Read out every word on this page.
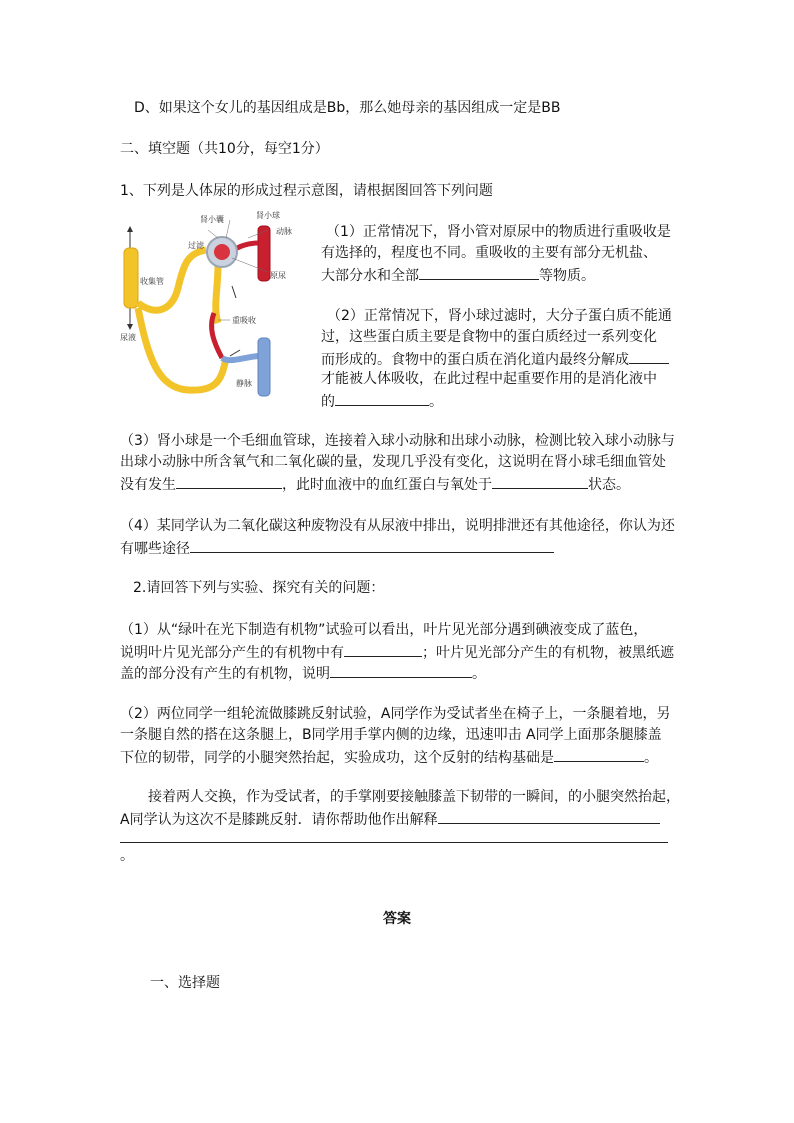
D、如果这个女儿的基因组成是Bb，那么她母亲的基因组成一定是BB
二、填空题（共10分，每空1分）
1、下列是人体尿的形成过程示意图，请根据图回答下列问题
肾小球
肾小囊
动脉
过滤
收集管
原尿
重吸收
尿液
静脉
（1）正常情况下，肾小管对原尿中的物质进行重吸收是
有选择的，程度也不同。重吸收的主要有部分无机盐、
大部分水和全部	等物质。
（2）正常情况下，肾小球过滤时，大分子蛋白质不能通
过，这些蛋白质主要是食物中的蛋白质经过一系列变化
而形成的。食物中的蛋白质在消化道内最终分解成
才能被人体吸收，在此过程中起重要作用的是消化液中
的	。
（3）肾小球是一个毛细血管球，连接着入球小动脉和出球小动脉，检测比较入球小动脉与
出球小动脉中所含氧气和二氧化碳的量，发现几乎没有变化，这说明在肾小球毛细血管处
没有发生	，此时血液中的血红蛋白与氧处于	状态。
（4）某同学认为二氧化碳这种废物没有从尿液中排出，说明排泄还有其他途径，你认为还
有哪些途径
2.请回答下列与实验、探究有关的问题：
（1）从“绿叶在光下制造有机物”试验可以看出，叶片见光部分遇到碘液变成了蓝色，
说明叶片见光部分产生的有机物中有	；叶片见光部分产生的有机物，被黑纸遮
盖的部分没有产生的有机物，说明	。
（2）两位同学一组轮流做膝跳反射试验，A同学作为受试者坐在椅子上，一条腿着地，另
一条腿自然的搭在这条腿上，B同学用手掌内侧的边缘，迅速叩击 A同学上面那条腿膝盖
下位的韧带，同学的小腿突然抬起，实验成功，这个反射的结构基础是	。
接着两人交换，作为受试者，的手掌刚要接触膝盖下韧带的一瞬间，的小腿突然抬起，
A同学认为这次不是膝跳反射．请你帮助他作出解释
。
答案
一、选择题
